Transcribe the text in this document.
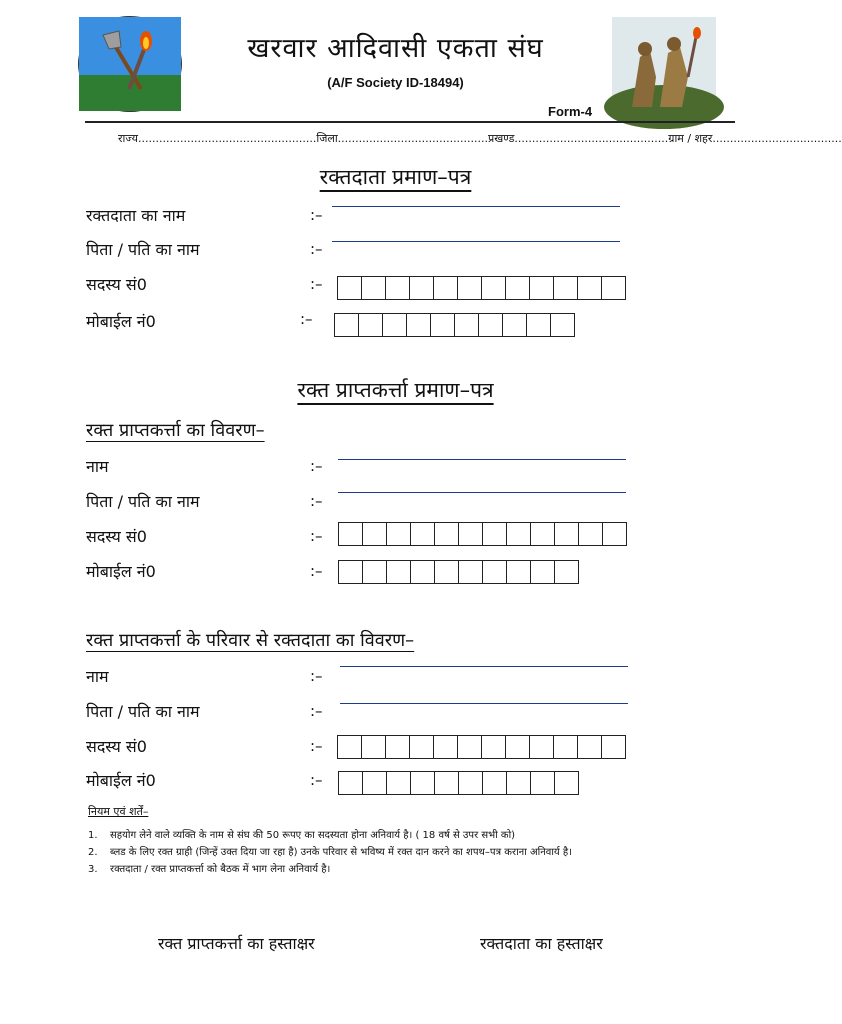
खरवार आदिवासी एकता संघ
(A/F Society ID-18494)
Form-4
राज्य...................................................जिला...........................................प्रखण्ड............................................ग्राम / शहर.....................................
रक्तदाता प्रमाण–पत्र
रक्तदाता का नाम	:–
पिता / पति का नाम	:–
सदस्य सं0	:–
मोबाईल नं0	:–
रक्त प्राप्तकर्त्ता प्रमाण–पत्र
रक्त प्राप्तकर्त्ता का विवरण–
नाम	:–
पिता / पति का नाम	:–
सदस्य सं0	:–
मोबाईल नं0	:–
रक्त प्राप्तकर्त्ता के परिवार से रक्तदाता का विवरण–
नाम	:–
पिता / पति का नाम	:–
सदस्य सं0	:–
मोबाईल नं0	:–
नियम एवं शर्तें–
1.	सहयोग लेने वाले व्यक्ति के नाम से संघ की 50 रूपए का सदस्यता होना अनिवार्य है। ( 18 वर्ष से उपर सभी को)
2.	ब्लड के लिए रक्त ग्राही (जिन्हें उक्त दिया जा रहा है) उनके परिवार से भविष्य में रक्त दान करने का शपथ–पत्र कराना अनिवार्य है।
3.	रक्तदाता / रक्त प्राप्तकर्त्ता को बैठक में भाग लेना अनिवार्य है।
रक्त प्राप्तकर्त्ता का हस्ताक्षर	रक्तदाता का हस्ताक्षर
